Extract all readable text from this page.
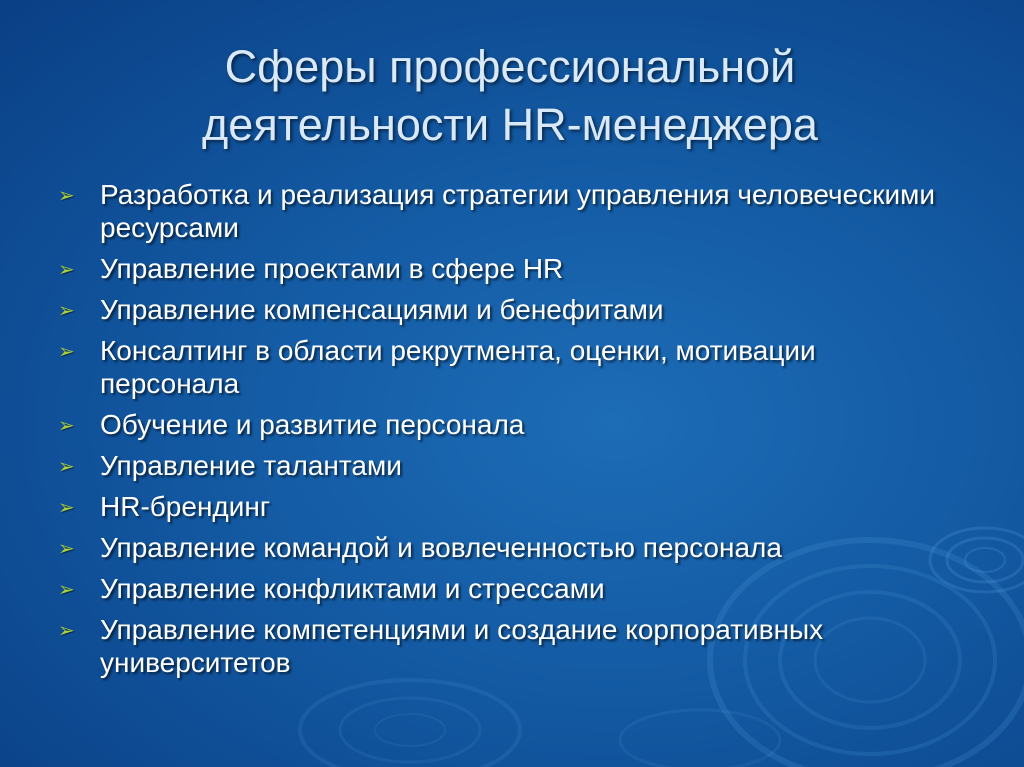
Сферы профессиональной
деятельности HR-менеджера
➢ Разработка и реализация стратегии управления человеческими ресурсами
➢ Управление проектами в сфере HR
➢ Управление компенсациями и бенефитами
➢ Консалтинг в области рекрутмента, оценки, мотивации персонала
➢ Обучение и развитие персонала
➢ Управление талантами
➢ HR-брендинг
➢ Управление командой и вовлеченностью персонала
➢ Управление конфликтами и стрессами
➢ Управление компетенциями и создание корпоративных университетов
